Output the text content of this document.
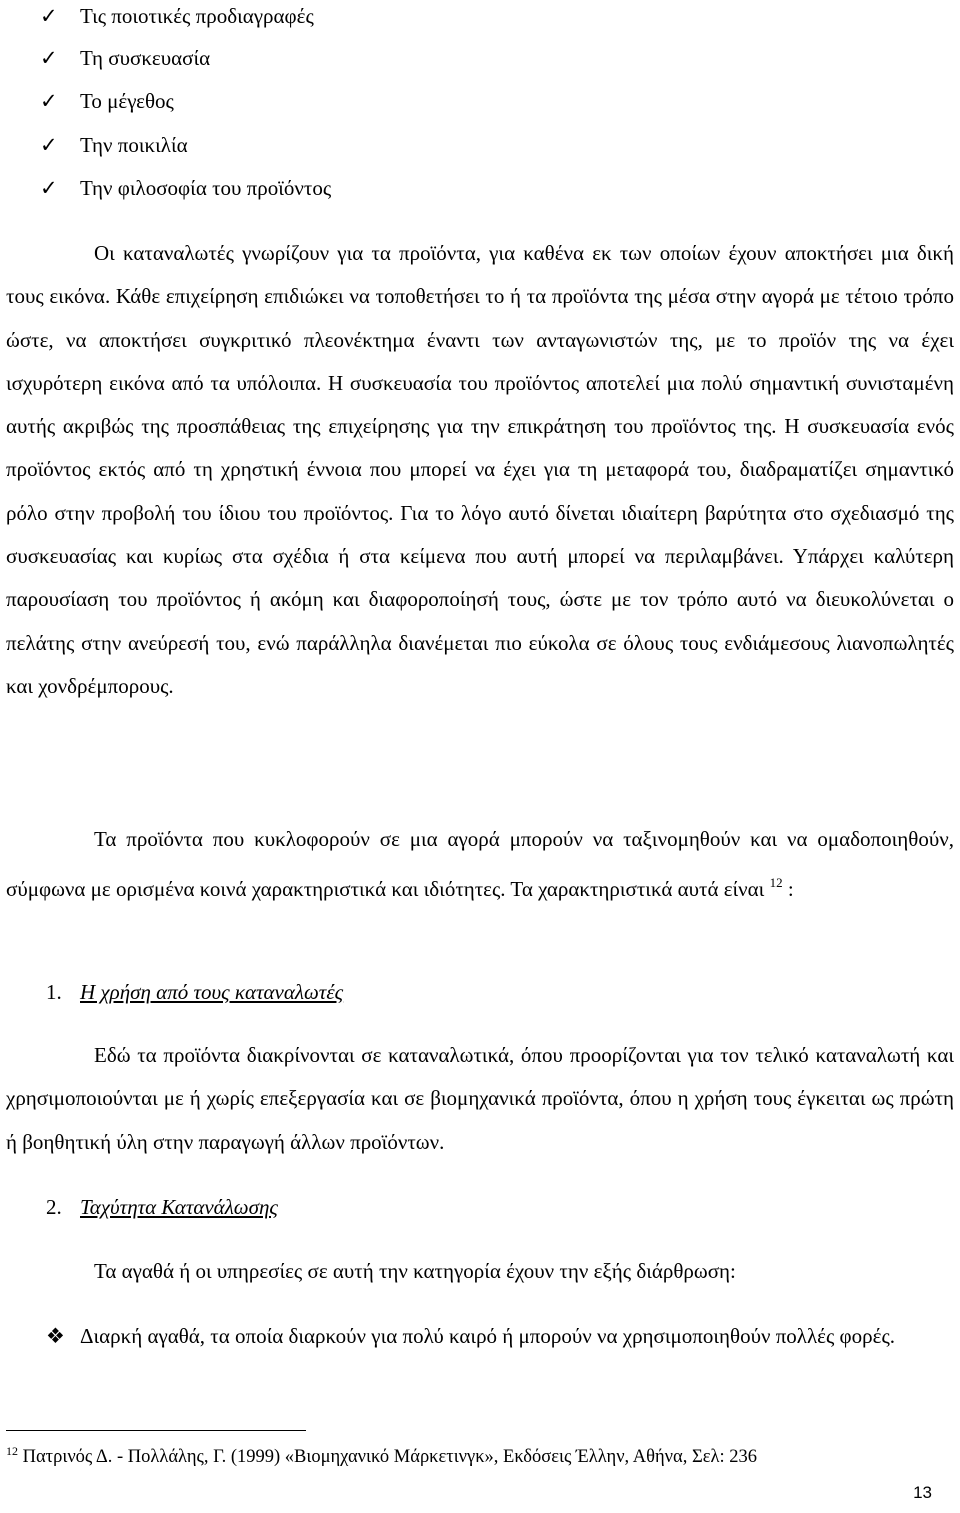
✓ Τις ποιοτικές προδιαγραφές
✓ Τη συσκευασία
✓ Το μέγεθος
✓ Την ποικιλία
✓ Την φιλοσοφία του προϊόντος

Οι καταναλωτές γνωρίζουν για τα προϊόντα, για καθένα εκ των οποίων έχουν αποκτήσει μια δική τους εικόνα. Κάθε επιχείρηση επιδιώκει να τοποθετήσει το ή τα προϊόντα της μέσα στην αγορά με τέτοιο τρόπο ώστε, να αποκτήσει συγκριτικό πλεονέκτημα έναντι των ανταγωνιστών της, με το προϊόν της να έχει ισχυρότερη εικόνα από τα υπόλοιπα. Η συσκευασία του προϊόντος αποτελεί μια πολύ σημαντική συνισταμένη αυτής ακριβώς της προσπάθειας της επιχείρησης για την επικράτηση του προϊόντος της. Η συσκευασία ενός προϊόντος εκτός από τη χρηστική έννοια που μπορεί να έχει για τη μεταφορά του, διαδραματίζει σημαντικό ρόλο στην προβολή του ίδιου του προϊόντος. Για το λόγο αυτό δίνεται ιδιαίτερη βαρύτητα στο σχεδιασμό της συσκευασίας και κυρίως στα σχέδια ή στα κείμενα που αυτή μπορεί να περιλαμβάνει. Υπάρχει καλύτερη παρουσίαση του προϊόντος ή ακόμη και διαφοροποίησή τους, ώστε με τον τρόπο αυτό να διευκολύνεται ο πελάτης στην ανεύρεσή του, ενώ παράλληλα διανέμεται πιο εύκολα σε όλους τους ενδιάμεσους λιανοπωλητές και χονδρέμπορους.

Τα προϊόντα που κυκλοφορούν σε μια αγορά μπορούν να ταξινομηθούν και να ομαδοποιηθούν, σύμφωνα με ορισμένα κοινά χαρακτηριστικά και ιδιότητες. Τα χαρακτηριστικά αυτά είναι $^{12}$ :

1. Η χρήση από τους καταναλωτές

Εδώ τα προϊόντα διακρίνονται σε καταναλωτικά, όπου προορίζονται για τον τελικό καταναλωτή και χρησιμοποιούνται με ή χωρίς επεξεργασία και σε βιομηχανικά προϊόντα, όπου η χρήση τους έγκειται ως πρώτη ή βοηθητική ύλη στην παραγωγή άλλων προϊόντων.

2. Ταχύτητα Κατανάλωσης

Τα αγαθά ή οι υπηρεσίες σε αυτή την κατηγορία έχουν την εξής διάρθρωση:

❖ Διαρκή αγαθά, τα οποία διαρκούν για πολύ καιρό ή μπορούν να χρησιμοποιηθούν πολλές φορές.

$^{12}$ Πατρινός Δ. - Πολλάλης, Γ. (1999) «Βιομηχανικό Μάρκετινγκ», Εκδόσεις Έλλην, Αθήνα, Σελ: 236
13
